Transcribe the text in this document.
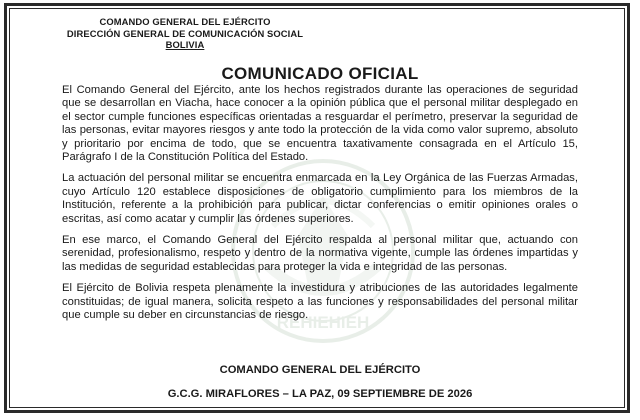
REHIEHIEH
COMANDO GENERAL DEL EJÉRCITO
DIRECCIÓN GENERAL DE COMUNICACIÓN SOCIAL
BOLIVIA
COMUNICADO OFICIAL

El Comando General del Ejército, ante los hechos registrados durante las operaciones de seguridad que se desarrollan en Viacha, hace conocer a la opinión pública que el personal militar desplegado en el sector cumple funciones específicas orientadas a resguardar el perímetro, preservar la seguridad de las personas, evitar mayores riesgos y ante todo la protección de la vida como valor supremo, absoluto y prioritario por encima de todo, que se encuentra taxativamente consagrada en el Artículo 15, Parágrafo I de la Constitución Política del Estado.

La actuación del personal militar se encuentra enmarcada en la Ley Orgánica de las Fuerzas Armadas, cuyo Artículo 120 establece disposiciones de obligatorio cumplimiento para los miembros de la Institución, referente a la prohibición para publicar, dictar conferencias o emitir opiniones orales o escritas, así como acatar y cumplir las órdenes superiores.

En ese marco, el Comando General del Ejército respalda al personal militar que, actuando con serenidad, profesionalismo, respeto y dentro de la normativa vigente, cumple las órdenes impartidas y las medidas de seguridad establecidas para proteger la vida e integridad de las personas.

El Ejército de Bolivia respeta plenamente la investidura y atribuciones de las autoridades legalmente constituidas; de igual manera, solicita respeto a las funciones y responsabilidades del personal militar que cumple su deber en circunstancias de riesgo.

COMANDO GENERAL DEL EJÉRCITO
G.C.G. MIRAFLORES – LA PAZ, 09 SEPTIEMBRE DE 2026
